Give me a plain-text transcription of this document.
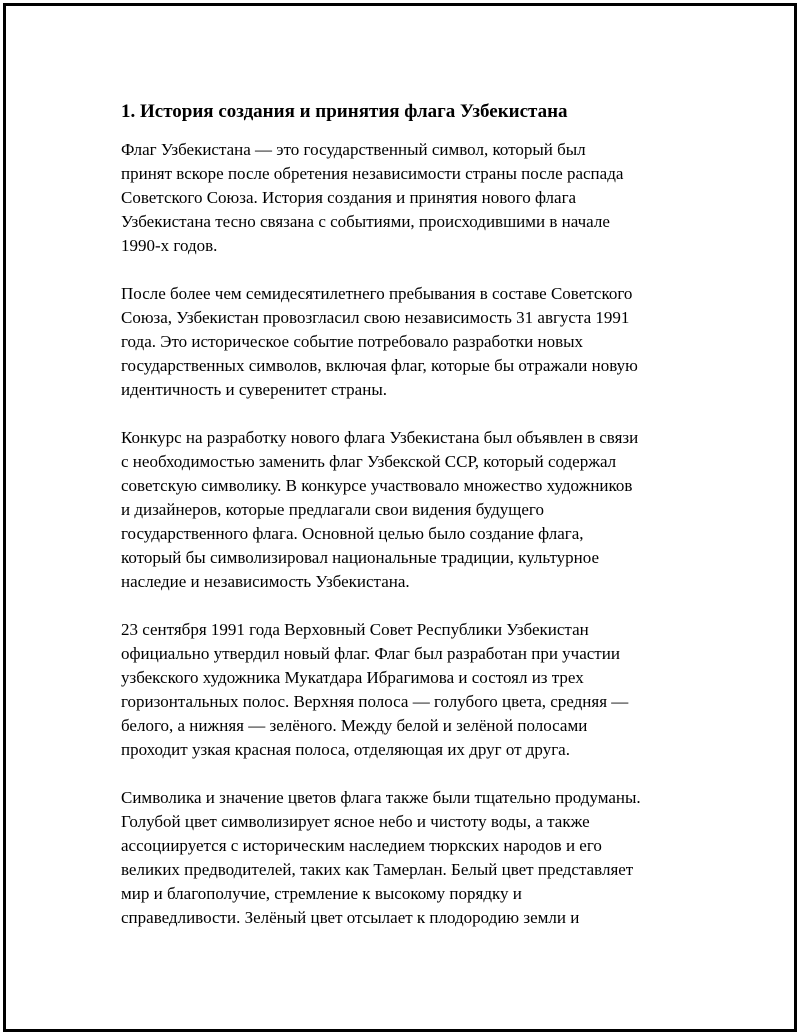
1. История создания и принятия флага Узбекистана

Флаг Узбекистана — это государственный символ, который был
принят вскоре после обретения независимости страны после распада
Советского Союза. История создания и принятия нового флага
Узбекистана тесно связана с событиями, происходившими в начале
1990-х годов.

После более чем семидесятилетнего пребывания в составе Советского
Союза, Узбекистан провозгласил свою независимость 31 августа 1991
года. Это историческое событие потребовало разработки новых
государственных символов, включая флаг, которые бы отражали новую
идентичность и суверенитет страны.

Конкурс на разработку нового флага Узбекистана был объявлен в связи
с необходимостью заменить флаг Узбекской ССР, который содержал
советскую символику. В конкурсе участвовало множество художников
и дизайнеров, которые предлагали свои видения будущего
государственного флага. Основной целью было создание флага,
который бы символизировал национальные традиции, культурное
наследие и независимость Узбекистана.

23 сентября 1991 года Верховный Совет Республики Узбекистан
официально утвердил новый флаг. Флаг был разработан при участии
узбекского художника Мукатдара Ибрагимова и состоял из трех
горизонтальных полос. Верхняя полоса — голубого цвета, средняя —
белого, а нижняя — зелёного. Между белой и зелёной полосами
проходит узкая красная полоса, отделяющая их друг от друга.

Символика и значение цветов флага также были тщательно продуманы.
Голубой цвет символизирует ясное небо и чистоту воды, а также
ассоциируется с историческим наследием тюркских народов и его
великих предводителей, таких как Тамерлан. Белый цвет представляет
мир и благополучие, стремление к высокому порядку и
справедливости. Зелёный цвет отсылает к плодородию земли и
